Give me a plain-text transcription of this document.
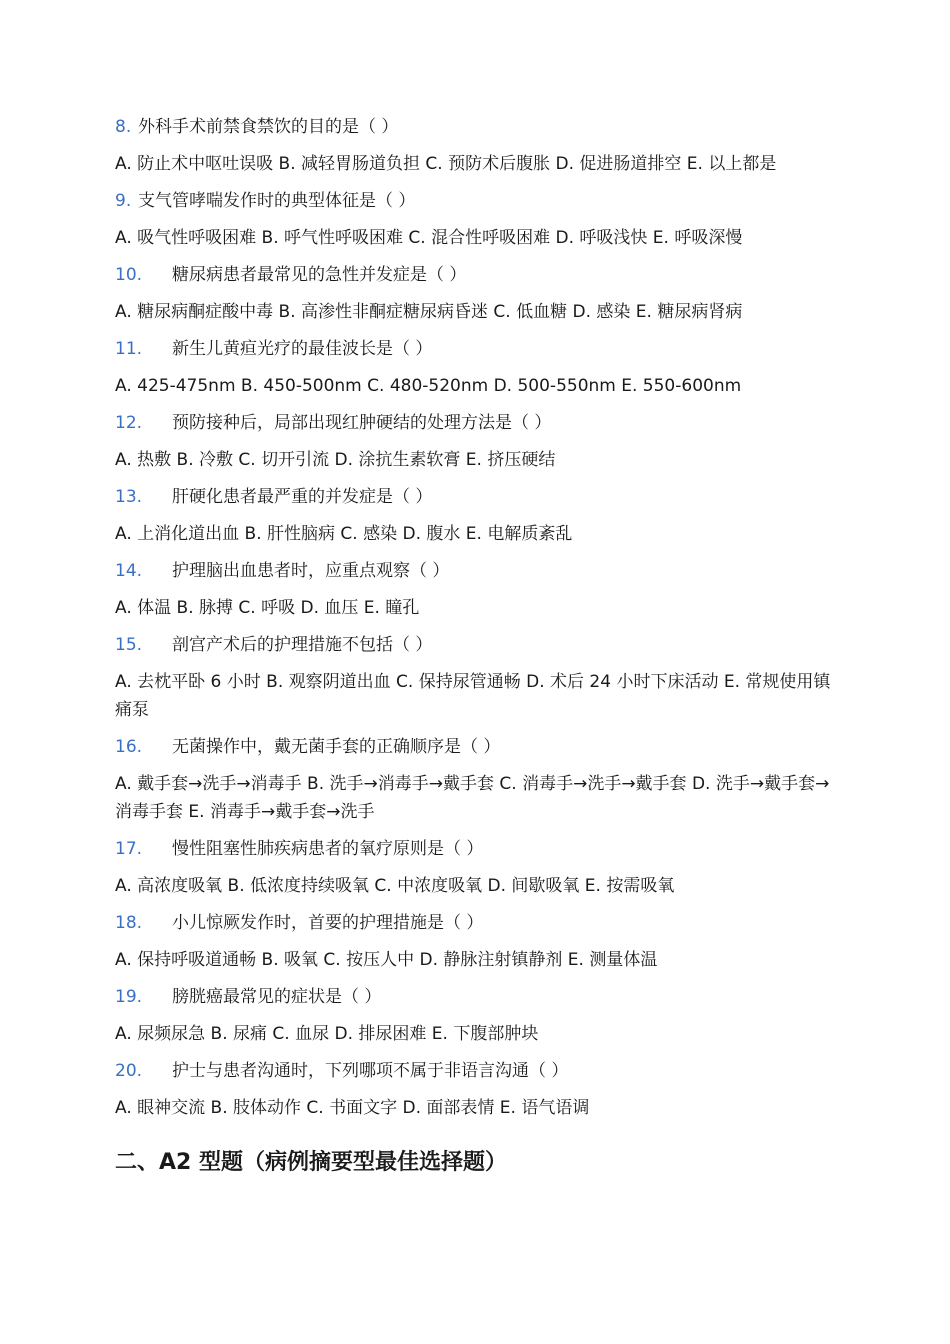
8. 外科手术前禁食禁饮的目的是（ ）

A. 防止术中呕吐误吸 B. 减轻胃肠道负担 C. 预防术后腹胀 D. 促进肠道排空 E. 以上都是

9. 支气管哮喘发作时的典型体征是（ ）

A. 吸气性呼吸困难 B. 呼气性呼吸困难 C. 混合性呼吸困难 D. 呼吸浅快 E. 呼吸深慢

10. 糖尿病患者最常见的急性并发症是（ ）

A. 糖尿病酮症酸中毒 B. 高渗性非酮症糖尿病昏迷 C. 低血糖 D. 感染 E. 糖尿病肾病

11. 新生儿黄疸光疗的最佳波长是（ ）

A. 425-475nm B. 450-500nm C. 480-520nm D. 500-550nm E. 550-600nm

12. 预防接种后，局部出现红肿硬结的处理方法是（ ）

A. 热敷 B. 冷敷 C. 切开引流 D. 涂抗生素软膏 E. 挤压硬结

13. 肝硬化患者最严重的并发症是（ ）

A. 上消化道出血 B. 肝性脑病 C. 感染 D. 腹水 E. 电解质紊乱

14. 护理脑出血患者时，应重点观察（ ）

A. 体温 B. 脉搏 C. 呼吸 D. 血压 E. 瞳孔

15. 剖宫产术后的护理措施不包括（ ）

A. 去枕平卧 6 小时 B. 观察阴道出血 C. 保持尿管通畅 D. 术后 24 小时下床活动 E. 常规使用镇痛泵

16. 无菌操作中，戴无菌手套的正确顺序是（ ）

A. 戴手套→洗手→消毒手 B. 洗手→消毒手→戴手套 C. 消毒手→洗手→戴手套 D. 洗手→戴手套→消毒手套 E. 消毒手→戴手套→洗手

17. 慢性阻塞性肺疾病患者的氧疗原则是（ ）

A. 高浓度吸氧 B. 低浓度持续吸氧 C. 中浓度吸氧 D. 间歇吸氧 E. 按需吸氧

18. 小儿惊厥发作时，首要的护理措施是（ ）

A. 保持呼吸道通畅 B. 吸氧 C. 按压人中 D. 静脉注射镇静剂 E. 测量体温

19. 膀胱癌最常见的症状是（ ）

A. 尿频尿急 B. 尿痛 C. 血尿 D. 排尿困难 E. 下腹部肿块

20. 护士与患者沟通时，下列哪项不属于非语言沟通（ ）

A. 眼神交流 B. 肢体动作 C. 书面文字 D. 面部表情 E. 语气语调

二、A2 型题（病例摘要型最佳选择题）
